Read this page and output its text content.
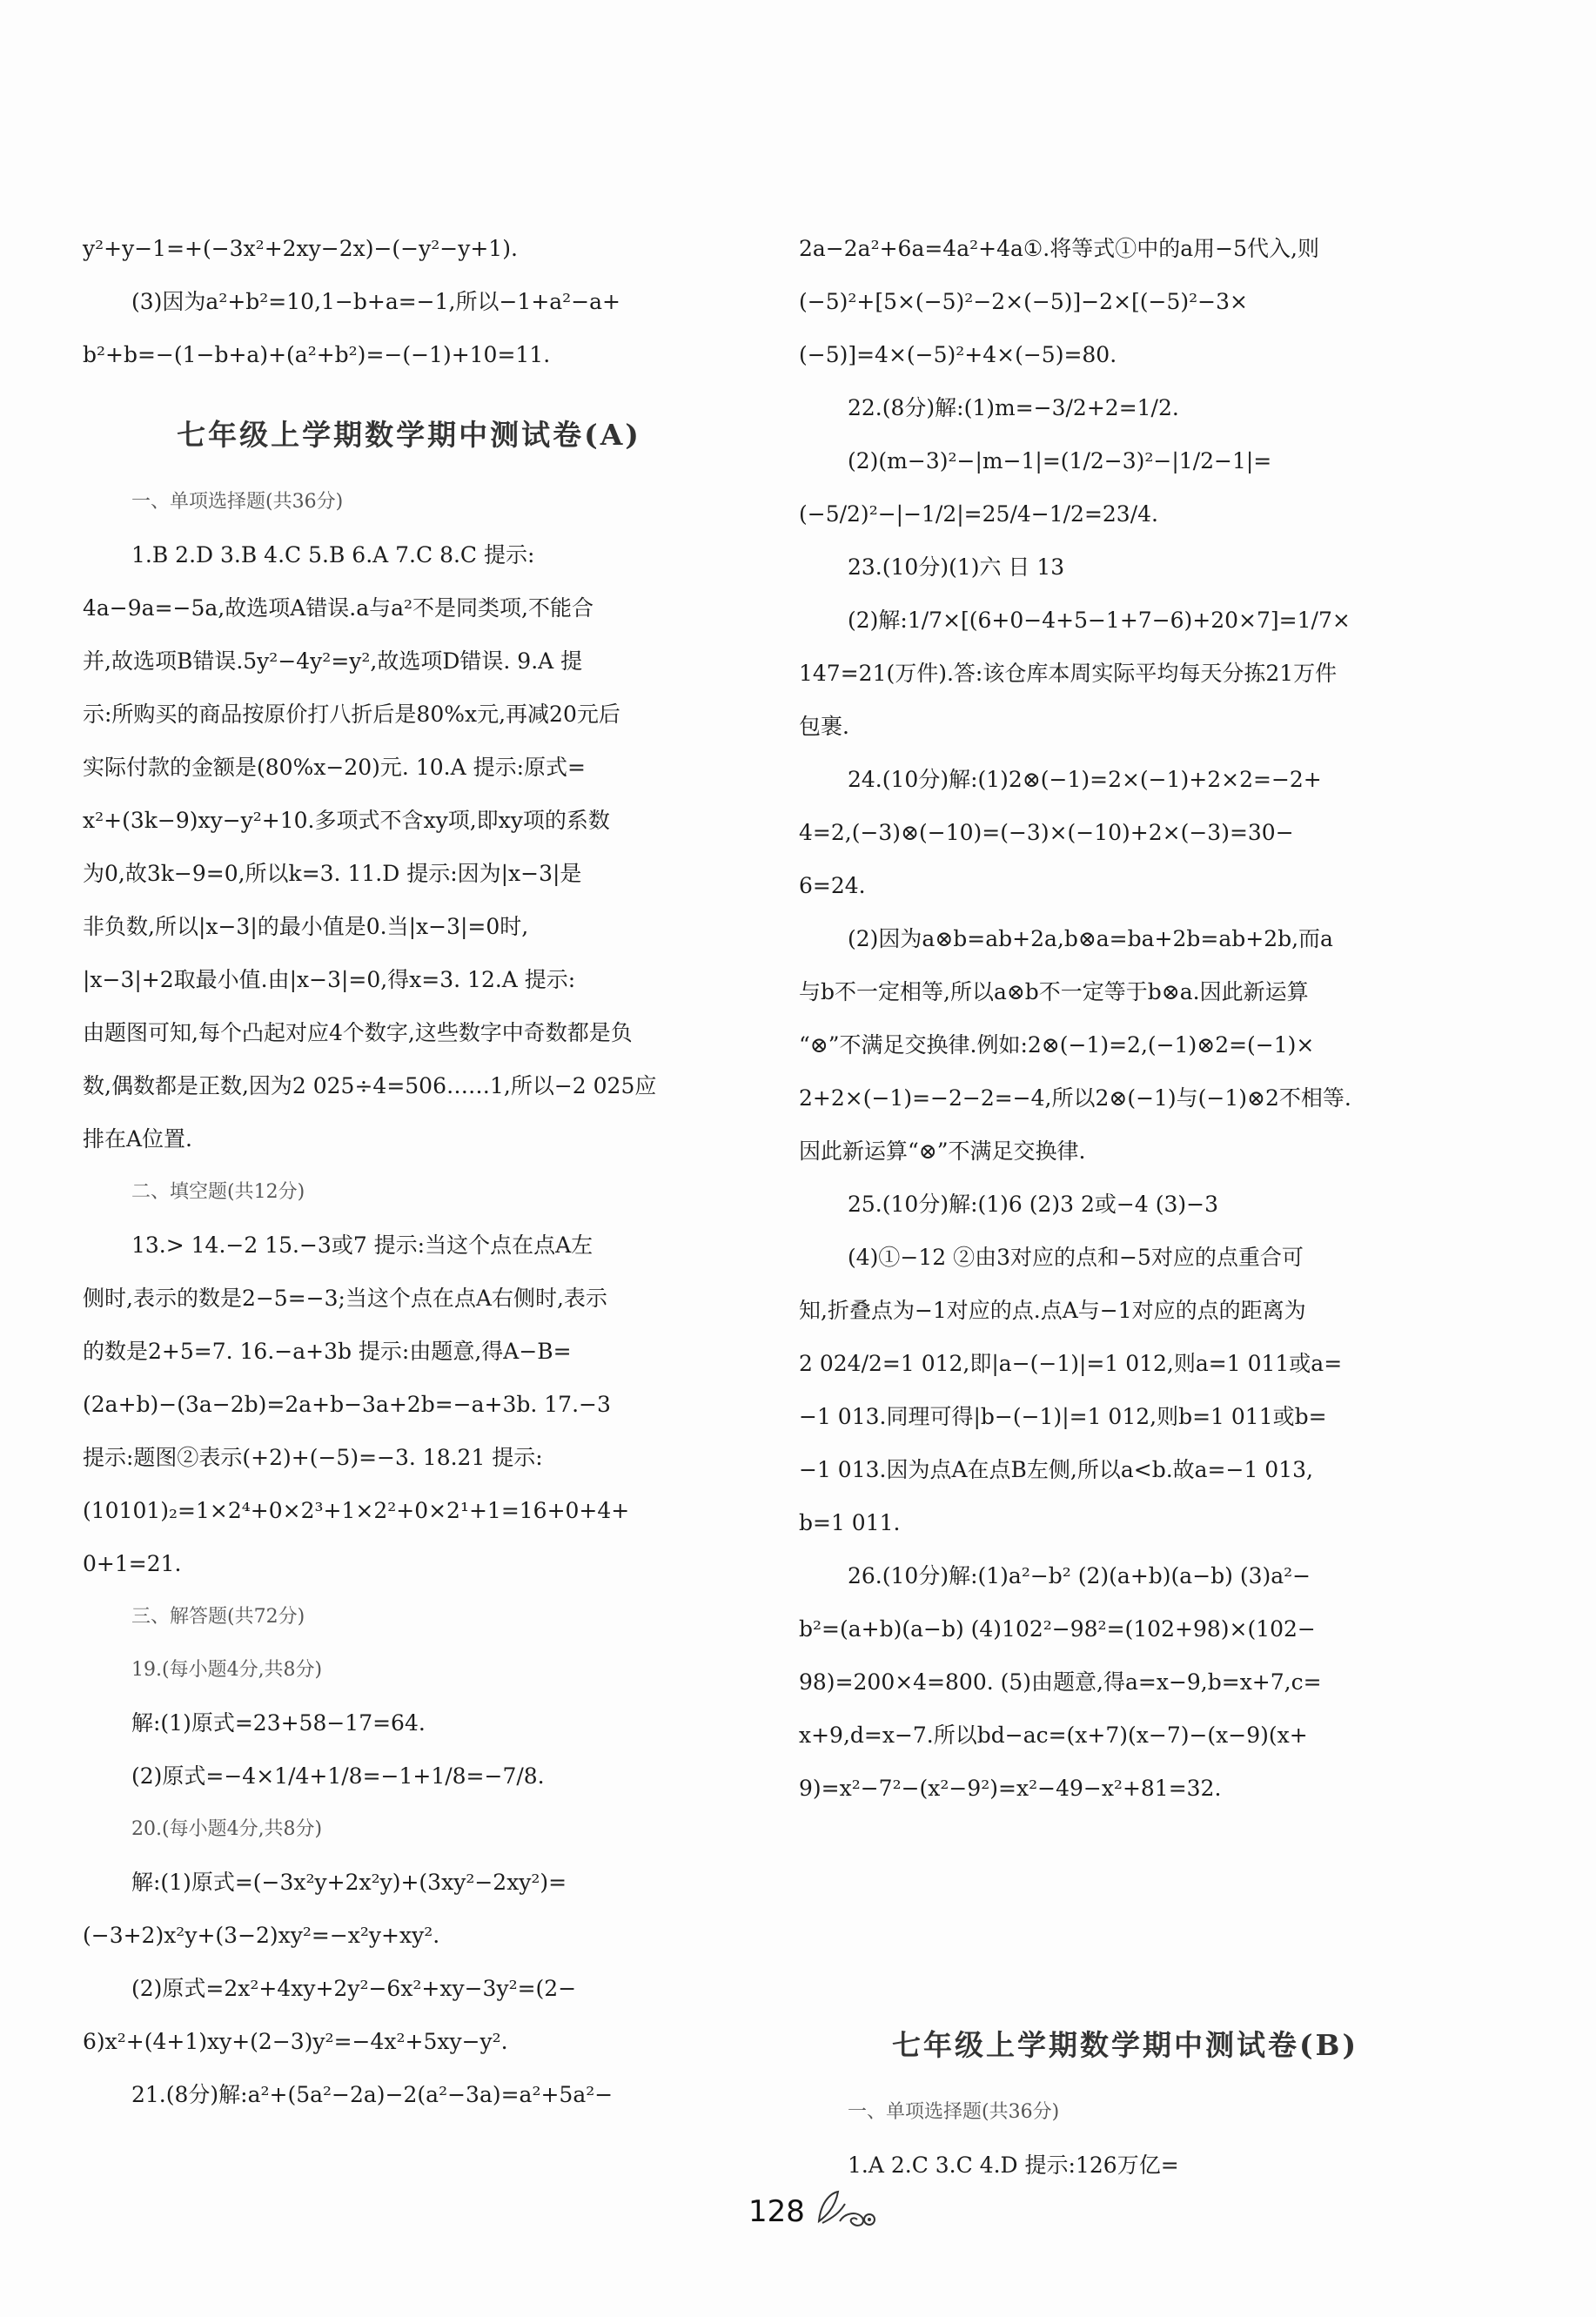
y²+y−1=+(−3x²+2xy−2x)−(−y²−y+1).
(3)因为a²+b²=10,1−b+a=−1,所以−1+a²−a+
b²+b=−(1−b+a)+(a²+b²)=−(−1)+10=11.
七年级上学期数学期中测试卷(A)
一、单项选择题(共36分)
1.B 2.D 3.B 4.C 5.B 6.A 7.C 8.C 提示:
4a−9a=−5a,故选项A错误.a与a²不是同类项,不能合
并,故选项B错误.5y²−4y²=y²,故选项D错误. 9.A 提
示:所购买的商品按原价打八折后是80%x元,再减20元后
实际付款的金额是(80%x−20)元. 10.A 提示:原式=
x²+(3k−9)xy−y²+10.多项式不含xy项,即xy项的系数
为0,故3k−9=0,所以k=3. 11.D 提示:因为|x−3|是
非负数,所以|x−3|的最小值是0.当|x−3|=0时,
|x−3|+2取最小值.由|x−3|=0,得x=3. 12.A 提示:
由题图可知,每个凸起对应4个数字,这些数字中奇数都是负
数,偶数都是正数,因为2 025÷4=506……1,所以−2 025应
排在A位置.
二、填空题(共12分)
13.> 14.−2 15.−3或7 提示:当这个点在点A左
侧时,表示的数是2−5=−3;当这个点在点A右侧时,表示
的数是2+5=7. 16.−a+3b 提示:由题意,得A−B=
(2a+b)−(3a−2b)=2a+b−3a+2b=−a+3b. 17.−3
提示:题图②表示(+2)+(−5)=−3. 18.21 提示:
(10101)₂=1×2⁴+0×2³+1×2²+0×2¹+1=16+0+4+
0+1=21.
三、解答题(共72分)
19.(每小题4分,共8分)
解:(1)原式=23+58−17=64.
(2)原式=−4×1/4+1/8=−1+1/8=−7/8.
20.(每小题4分,共8分)
解:(1)原式=(−3x²y+2x²y)+(3xy²−2xy²)=
(−3+2)x²y+(3−2)xy²=−x²y+xy².
(2)原式=2x²+4xy+2y²−6x²+xy−3y²=(2−
6)x²+(4+1)xy+(2−3)y²=−4x²+5xy−y².
21.(8分)解:a²+(5a²−2a)−2(a²−3a)=a²+5a²−
2a−2a²+6a=4a²+4a①.将等式①中的a用−5代入,则
(−5)²+[5×(−5)²−2×(−5)]−2×[(−5)²−3×
(−5)]=4×(−5)²+4×(−5)=80.
22.(8分)解:(1)m=−3/2+2=1/2.
(2)(m−3)²−|m−1|=(1/2−3)²−|1/2−1|=
(−5/2)²−|−1/2|=25/4−1/2=23/4.
23.(10分)(1)六 日 13
(2)解:1/7×[(6+0−4+5−1+7−6)+20×7]=1/7×
147=21(万件).答:该仓库本周实际平均每天分拣21万件
包裹.
24.(10分)解:(1)2⊗(−1)=2×(−1)+2×2=−2+
4=2,(−3)⊗(−10)=(−3)×(−10)+2×(−3)=30−
6=24.
(2)因为a⊗b=ab+2a,b⊗a=ba+2b=ab+2b,而a
与b不一定相等,所以a⊗b不一定等于b⊗a.因此新运算
“⊗”不满足交换律.例如:2⊗(−1)=2,(−1)⊗2=(−1)×
2+2×(−1)=−2−2=−4,所以2⊗(−1)与(−1)⊗2不相等.
因此新运算“⊗”不满足交换律.
25.(10分)解:(1)6 (2)3 2或−4 (3)−3
(4)①−12 ②由3对应的点和−5对应的点重合可
知,折叠点为−1对应的点.点A与−1对应的点的距离为
2 024/2=1 012,即|a−(−1)|=1 012,则a=1 011或a=
−1 013.同理可得|b−(−1)|=1 012,则b=1 011或b=
−1 013.因为点A在点B左侧,所以a<b.故a=−1 013,
b=1 011.
26.(10分)解:(1)a²−b² (2)(a+b)(a−b) (3)a²−
b²=(a+b)(a−b) (4)102²−98²=(102+98)×(102−
98)=200×4=800. (5)由题意,得a=x−9,b=x+7,c=
x+9,d=x−7.所以bd−ac=(x+7)(x−7)−(x−9)(x+
9)=x²−7²−(x²−9²)=x²−49−x²+81=32.
七年级上学期数学期中测试卷(B)
一、单项选择题(共36分)
1.A 2.C 3.C 4.D 提示:126万亿=
128
